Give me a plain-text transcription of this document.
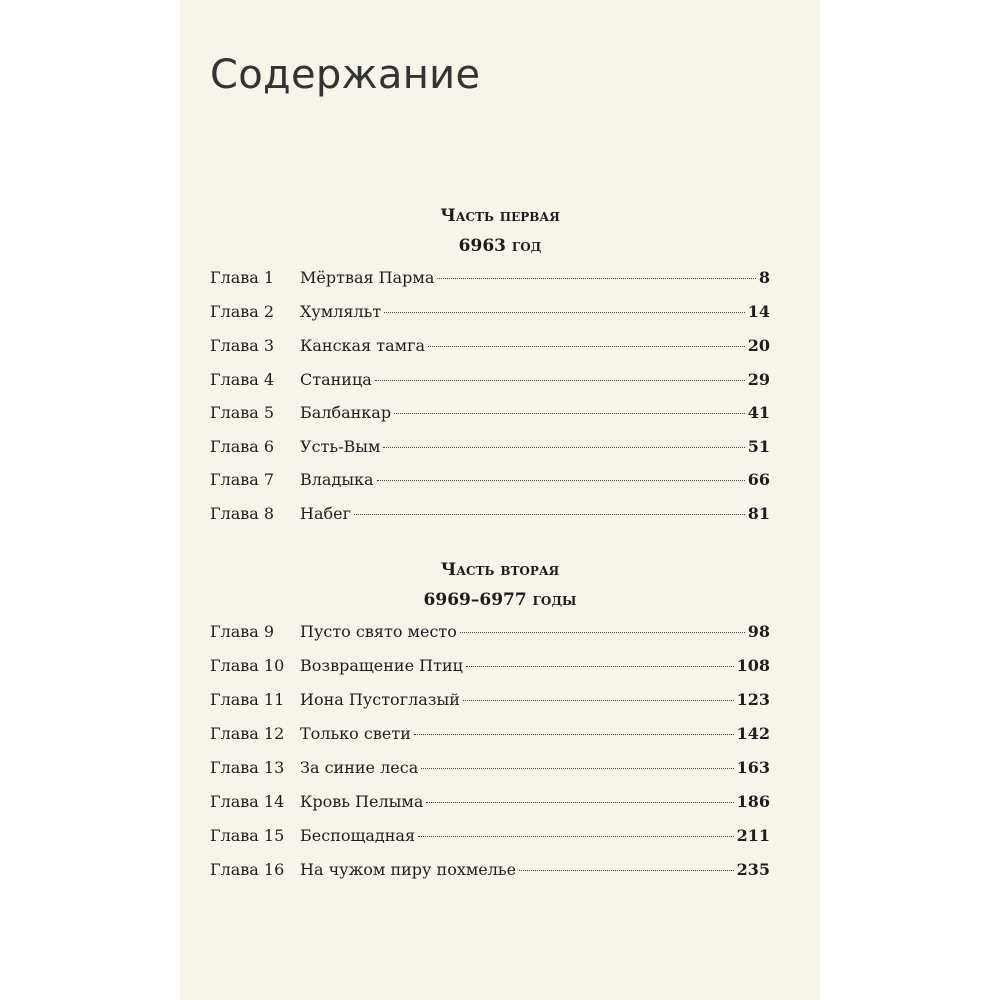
Содержание
Часть первая
6963 год
Глава 1	Мёртвая Парма	8
Глава 2	Хумляльт	14
Глава 3	Канская тамга	20
Глава 4	Станица	29
Глава 5	Балбанкар	41
Глава 6	Усть-Вым	51
Глава 7	Владыка	66
Глава 8	Набег	81
Часть вторая
6969–6977 годы
Глава 9	Пусто свято место	98
Глава 10 Возвращение Птиц	108
Глава 11 Иона Пустоглазый	123
Глава 12 Только свети	142
Глава 13 За синие леса	163
Глава 14 Кровь Пелыма	186
Глава 15 Беспощадная	211
Глава 16 На чужом пиру похмелье	235
